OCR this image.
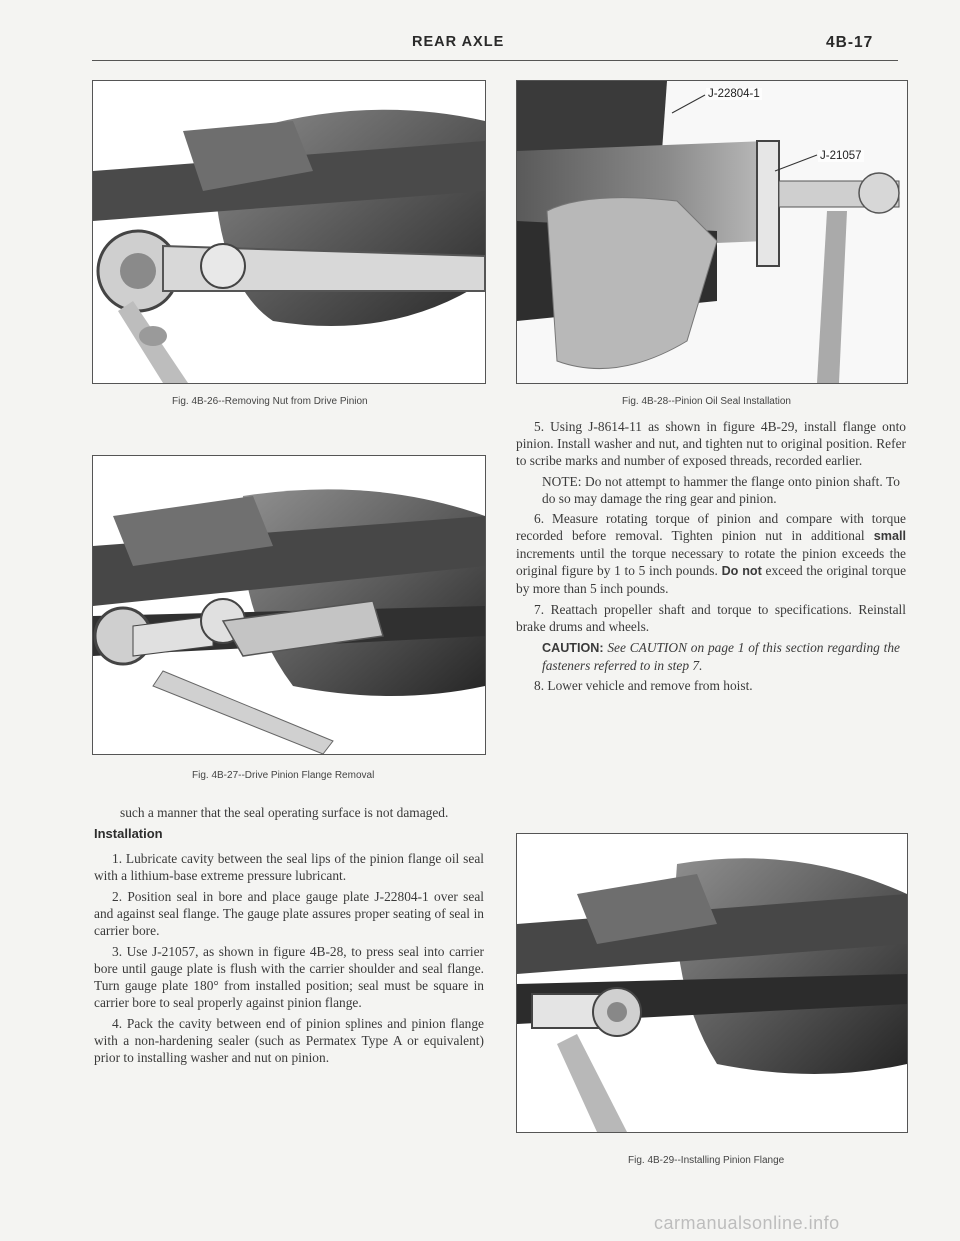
REAR AXLE	4B-17
Fig. 4B-26--Removing Nut from Drive Pinion
Fig. 4B-27--Drive Pinion Flange Removal
J-22804-1
J-21057
Fig. 4B-28--Pinion Oil Seal Installation

5. Using J-8614-11 as shown in figure 4B-29, install flange onto pinion. Install washer and nut, and tighten nut to original position. Refer to scribe marks and number of exposed threads, recorded earlier.

NOTE: Do not attempt to hammer the flange onto pinion shaft. To do so may damage the ring gear and pinion.

6. Measure rotating torque of pinion and compare with torque recorded before removal. Tighten pinion nut in additional small increments until the torque necessary to rotate the pinion exceeds the original figure by 1 to 5 inch pounds. Do not exceed the original torque by more than 5 inch pounds.

7. Reattach propeller shaft and torque to specifications. Reinstall brake drums and wheels.

CAUTION: See CAUTION on page 1 of this section regarding the fasteners referred to in step 7.

8. Lower vehicle and remove from hoist.

such a manner that the seal operating surface is not damaged.

Installation

1. Lubricate cavity between the seal lips of the pinion flange oil seal with a lithium-base extreme pressure lubricant.

2. Position seal in bore and place gauge plate J-22804-1 over seal and against seal flange. The gauge plate assures proper seating of seal in carrier bore.

3. Use J-21057, as shown in figure 4B-28, to press seal into carrier bore until gauge plate is flush with the carrier shoulder and seal flange. Turn gauge plate 180° from installed position; seal must be square in carrier bore to seal properly against pinion flange.

4. Pack the cavity between end of pinion splines and pinion flange with a non-hardening sealer (such as Permatex Type A or equivalent) prior to installing washer and nut on pinion.

Fig. 4B-29--Installing Pinion Flange
carmanualsonline.info
